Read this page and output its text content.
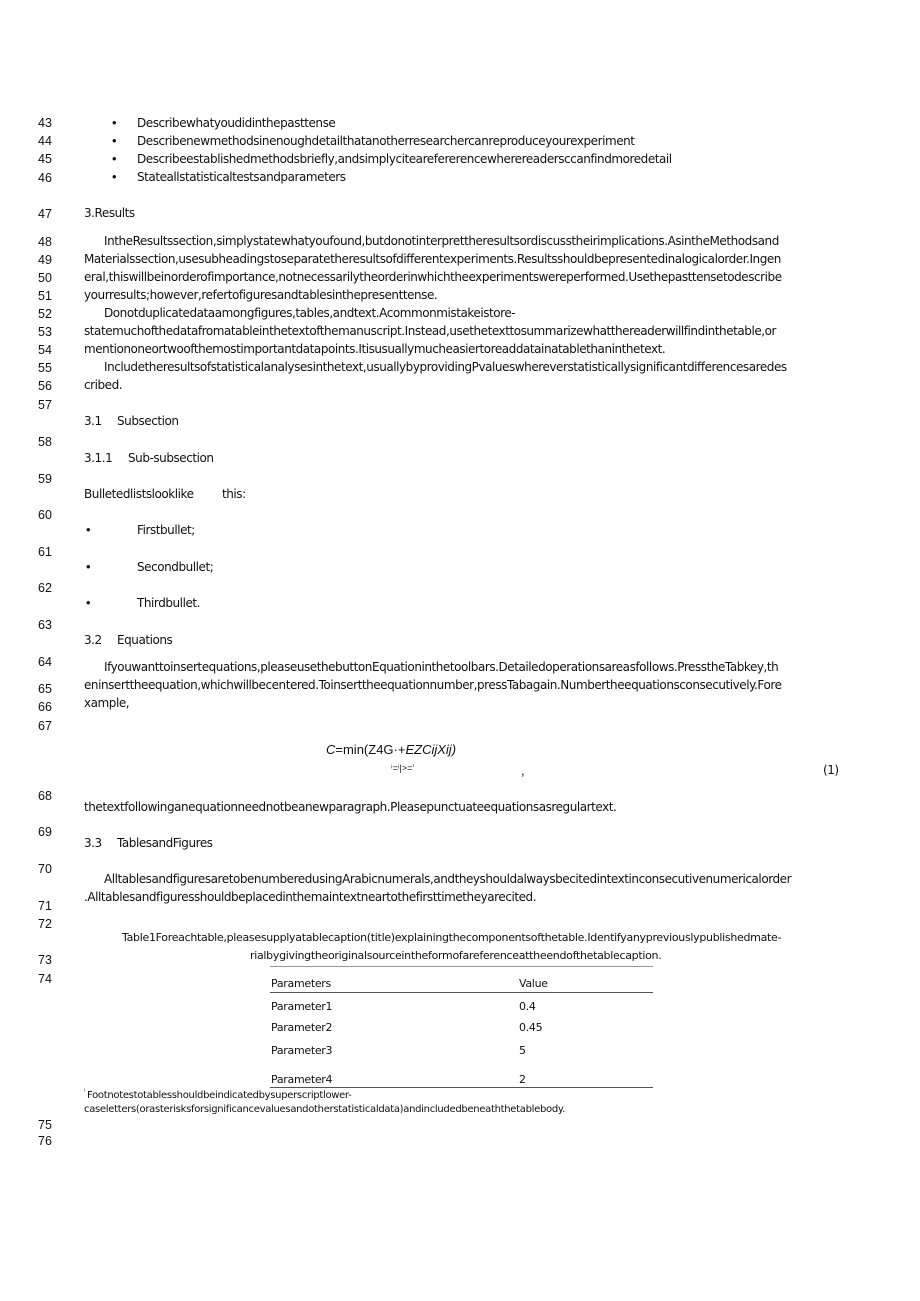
43
44
45
46
47
48
49
50
51
52
53
54
55
56
57
58
59
60
61
62
63
64
65
66
67
68
69
70
71
72
73
74
75
76
• Describewhatyoudidinthepasttense
• Describenewmethodsinenoughdetailthatanotherresearchercanreproduceyourexperiment
• Describeestablishedmethodsbriefly,andsimplycitearefererencewherereadersccanfindmoredetail
• Stateallstatisticaltestsandparameters
3.Results
IntheResultssection,simplystatewhatyoufound,butdonotinterprettheresultsordiscusstheirimplications.AsintheMethodsand
Materialssection,usesubheadingstoseparatetheresultsofdifferentexperiments.Resultsshouldbepresentedinalogicalorder.Ingen
eral,thiswillbeinorderofimportance,notnecessarilytheorderinwhichtheexperimentswereperformed.Usethepasttensetodescribe
yourresults;however,refertofiguresandtablesinthepresenttense.
Donotduplicatedataamongfigures,tables,andtext.Acommonmistakeistore-
statemuchofthedatafromatableinthetextofthemanuscript.Instead,usethetexttosummarizewhatthereaderwillfindinthetable,or
mentiononeortwoofthemostimportantdatapoints.Itisusuallymucheasiertoreaddatainatablethaninthetext.
Includetheresultsofstatisticalanalysesinthetext,usuallybyprovidingPvalueswhereverstatisticallysignificantdifferencesaredes
cribed.
3.1 Subsection
3.1.1 Sub-subsection
Bulletedlistslooklike this:
•	Firstbullet;
•	Secondbullet;
•	Thirdbullet.
3.2 Equations
Ifyouwanttoinsertequations,pleaseusethebuttonEquationinthetoolbars.Detailedoperationsareasfollows.PresstheTabkey,th
eninserttheequation,whichwillbecentered.Toinserttheequationnumber,pressTabagain.Numbertheequationsconsecutively.Fore
xample,
C=min(Z4G·+EZCijXij)
ⁱ=ⁱ|>='	,	(1)
thetextfollowinganequationneednotbeanewparagraph.Pleasepunctuateequationsasregulartext.
3.3 TablesandFigures
AlltablesandfiguresaretobenumberedusingArabicnumerals,andtheyshouldalwaysbecitedintextinconsecutivenumericalorder
.Alltablesandfiguresshouldbeplacedinthemaintextneartothefirsttimetheyarecited.
Table1Foreachtable,pleasesupplyatablecaption(title)explainingthecomponentsofthetable.Identifyanypreviouslypublishedmate-
rialbygivingtheoriginalsourceintheformofareferenceattheendofthetablecaption.
Parameters	Value
Parameter1	0.4
Parameter2	0.45
Parameter3	5
Parameter4	2
ˡ Footnotestotablesshouldbeindicatedbysuperscriptlower-
caseletters(orasterisksforsignificancevaluesandotherstatisticaldata)andincludedbeneaththetablebody.
